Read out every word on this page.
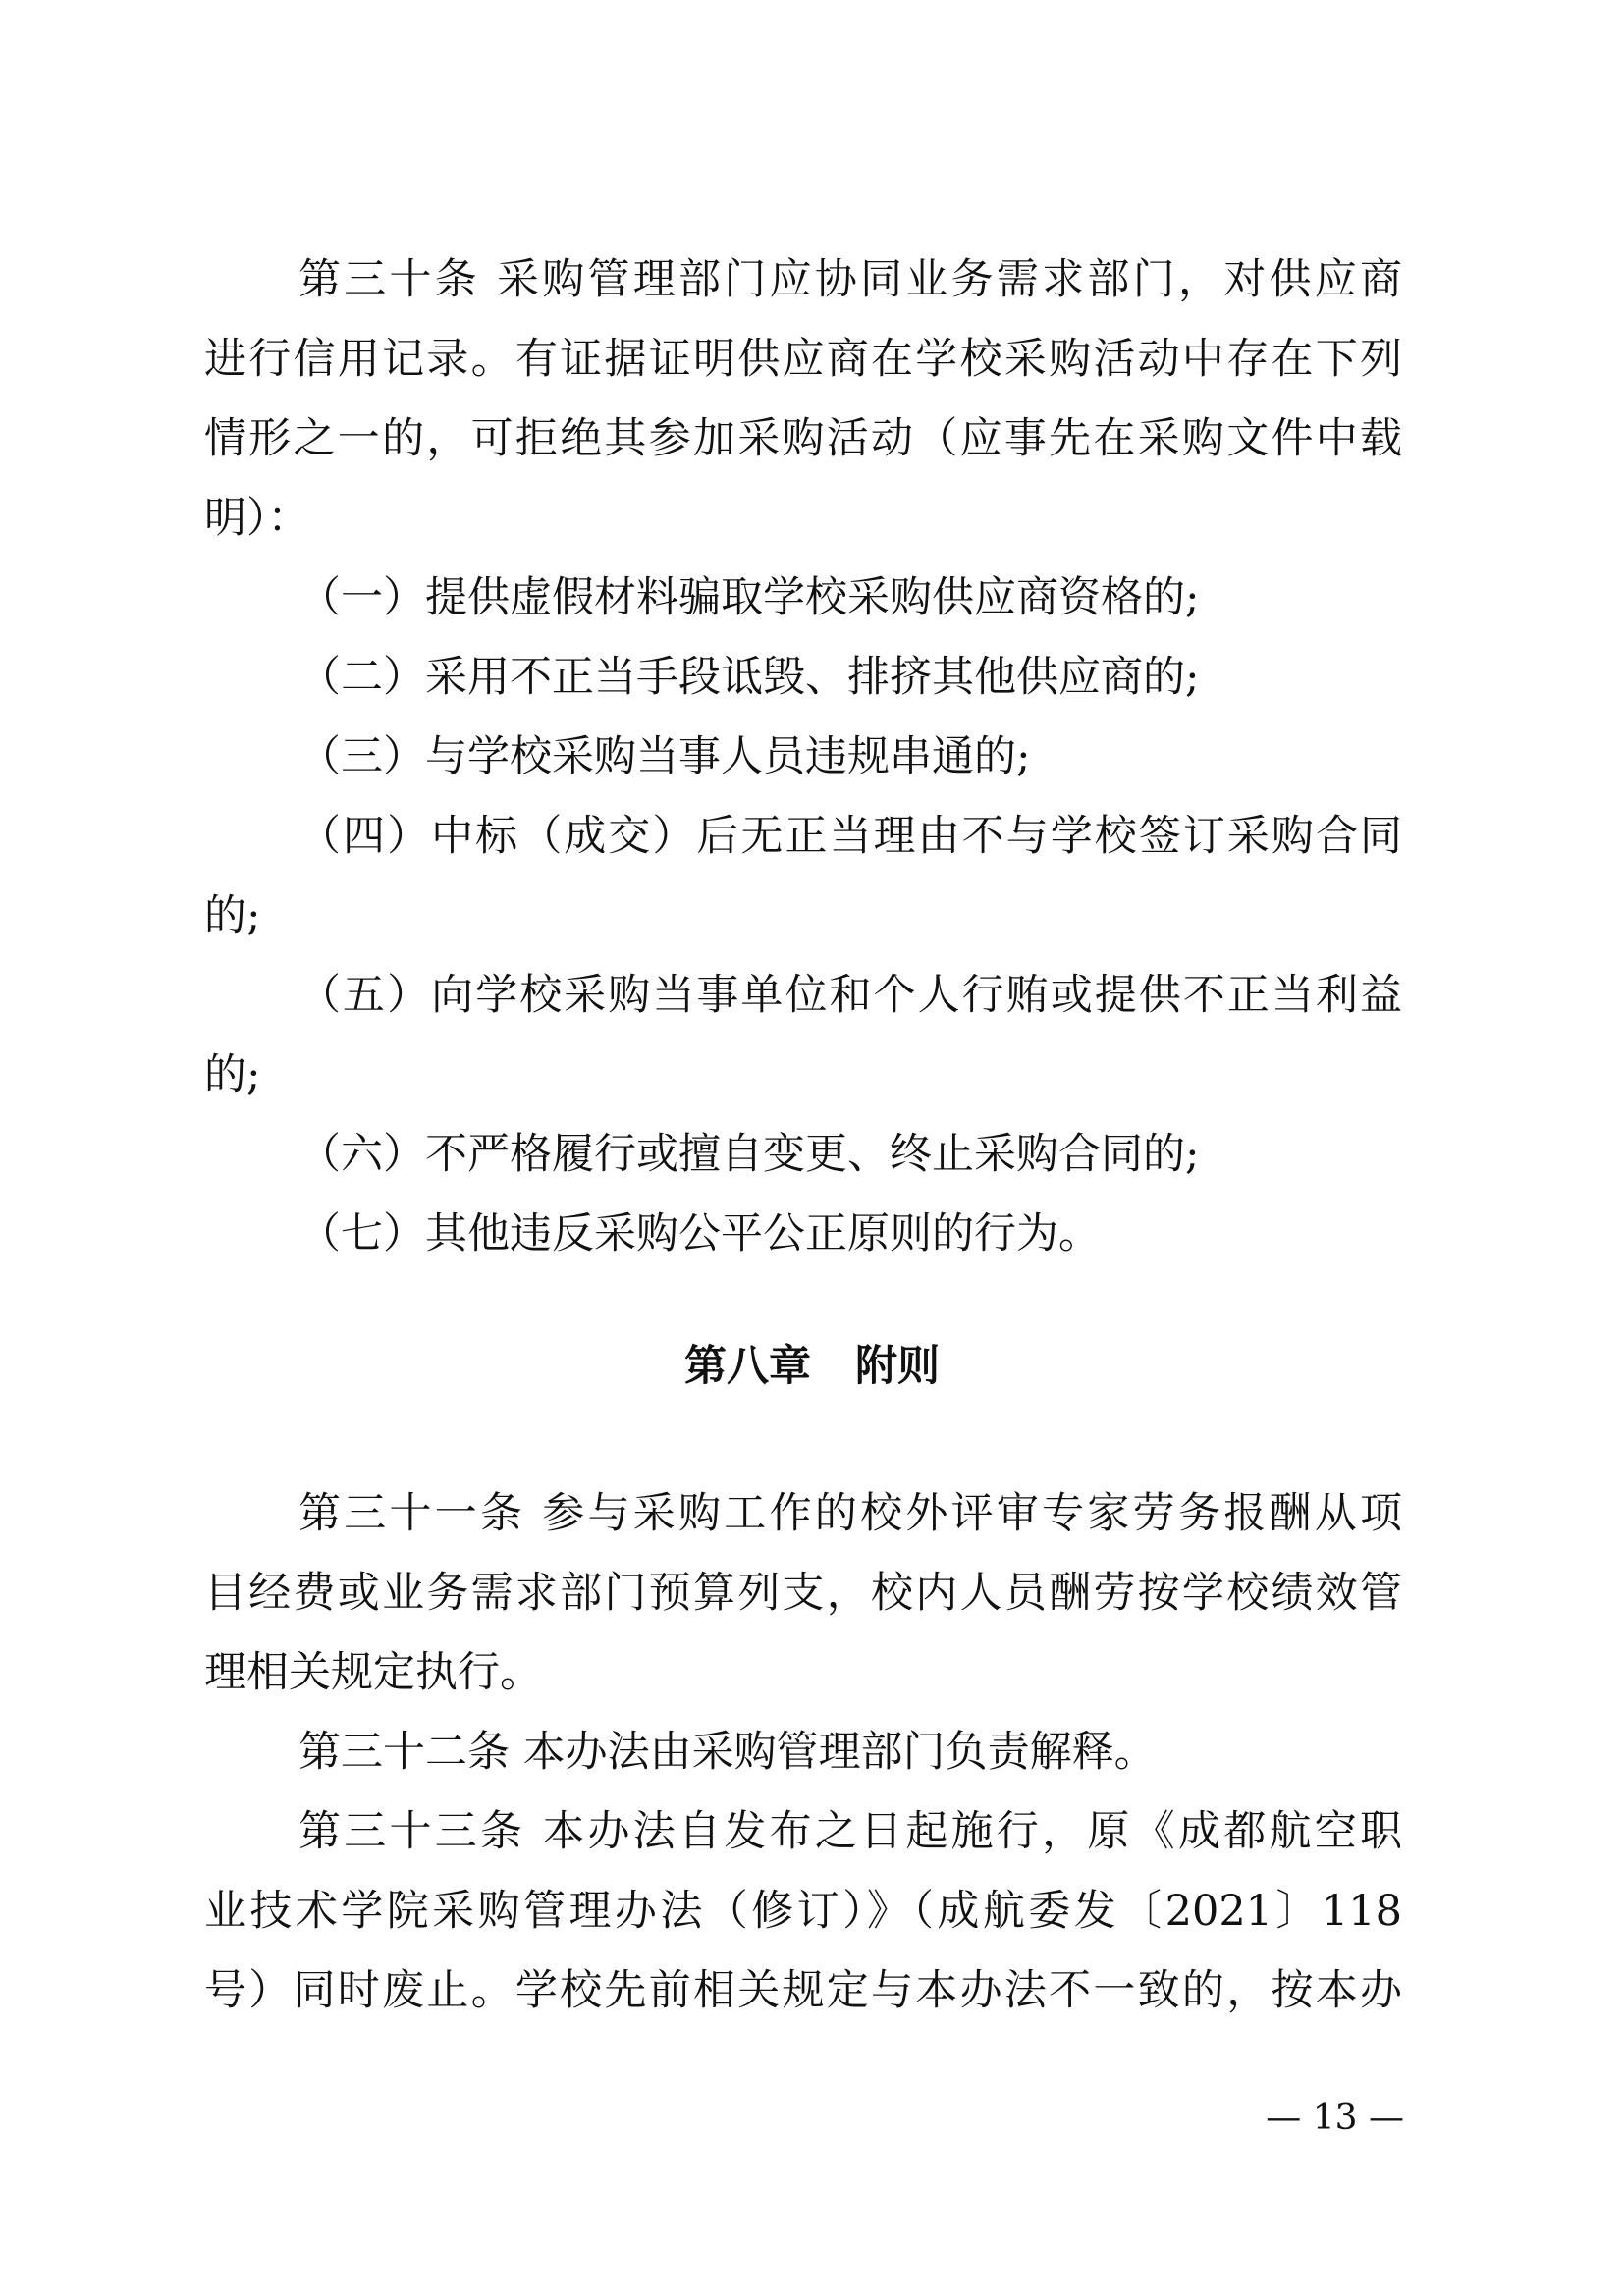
第三十条 采购管理部门应协同业务需求部门，对供应商
进行信用记录。有证据证明供应商在学校采购活动中存在下列
情形之一的，可拒绝其参加采购活动（应事先在采购文件中载
明）：
（一）提供虚假材料骗取学校采购供应商资格的;
（二）采用不正当手段诋毁、排挤其他供应商的;
（三）与学校采购当事人员违规串通的;
（四）中标（成交）后无正当理由不与学校签订采购合同
的;
（五）向学校采购当事单位和个人行贿或提供不正当利益
的;
（六）不严格履行或擅自变更、终止采购合同的;
（七）其他违反采购公平公正原则的行为。
第八章 附则
第三十一条 参与采购工作的校外评审专家劳务报酬从项
目经费或业务需求部门预算列支，校内人员酬劳按学校绩效管
理相关规定执行。
第三十二条 本办法由采购管理部门负责解释。
第三十三条 本办法自发布之日起施行，原《成都航空职
业技术学院采购管理办法（修订）》（成航委发〔2021〕118
号）同时废止。学校先前相关规定与本办法不一致的，按本办
— 13 —
